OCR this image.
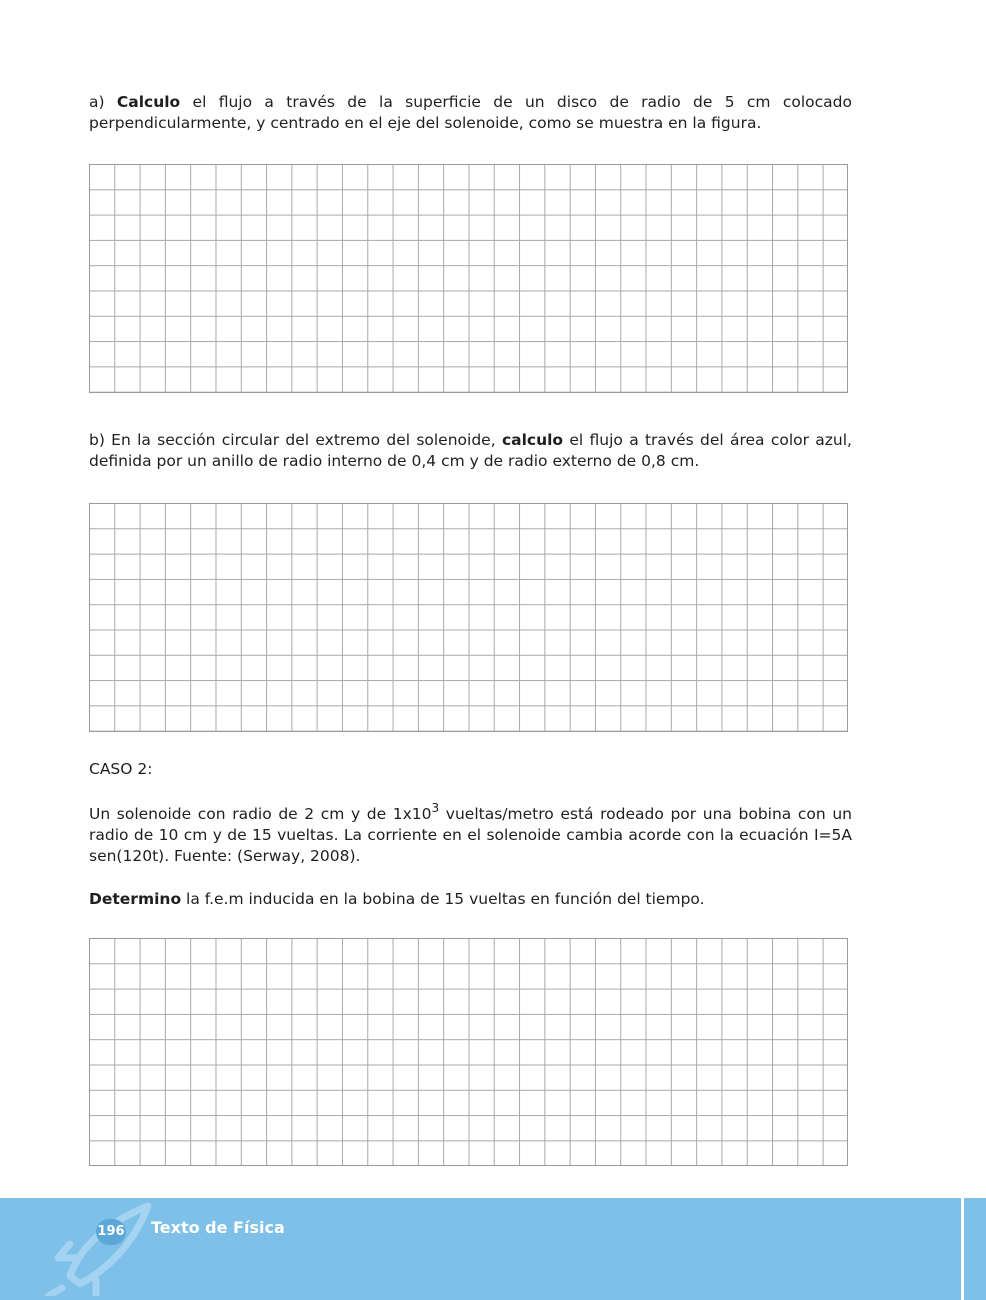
a) Calculo el flujo a través de la superficie de un disco de radio de 5 cm colocado perpendicularmente, y centrado en el eje del solenoide, como se muestra en la figura.

b) En la sección circular del extremo del solenoide, calculo el flujo a través del área color azul, definida por un anillo de radio interno de 0,4 cm y de radio externo de 0,8 cm.

CASO 2:

Un solenoide con radio de 2 cm y de $1x10^3$ vueltas/metro está rodeado por una bobina con un radio de 10 cm y de 15 vueltas. La corriente en el solenoide cambia acorde con la ecuación I=5A sen(120t). Fuente: (Serway, 2008).

Determino la f.e.m inducida en la bobina de 15 vueltas en función del tiempo.

196 Texto de Física
